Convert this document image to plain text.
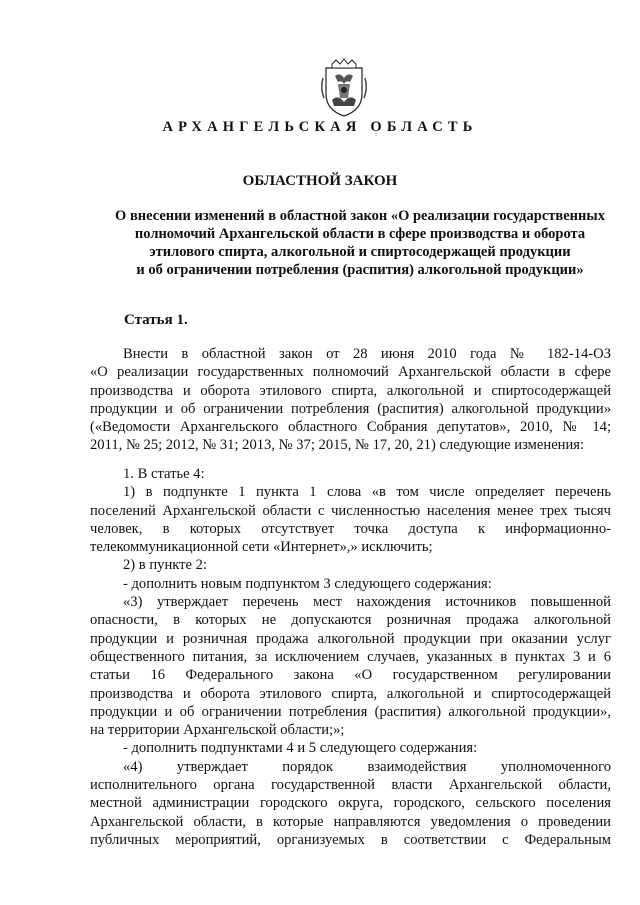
АРХАНГЕЛЬСКАЯ ОБЛАСТЬ
ОБЛАСТНОЙ ЗАКОН
О внесении изменений в областной закон «О реализации государственных
полномочий Архангельской области в сфере производства и оборота
этилового спирта, алкогольной и спиртосодержащей продукции
и об ограничении потребления (распития) алкогольной продукции»
Статья 1.

Внести в областной закон от 28 июня 2010 года № 182-14-ОЗ

«О реализации государственных полномочий Архангельской области в сфере

производства и оборота этилового спирта, алкогольной и спиртосодержащей

продукции и об ограничении потребления (распития) алкогольной продукции»

(«Ведомости Архангельского областного Собрания депутатов», 2010, № 14;

2011, № 25; 2012, № 31; 2013, № 37; 2015, № 17, 20, 21) следующие изменения:

1. В статье 4:

1) в подпункте 1 пункта 1 слова «в том числе определяет перечень

поселений Архангельской области с численностью населения менее трех тысяч

человек, в которых отсутствует точка доступа к информационно-

телекоммуникационной сети «Интернет»,» исключить;

2) в пункте 2:

- дополнить новым подпунктом 3 следующего содержания:

«3) утверждает перечень мест нахождения источников повышенной

опасности, в которых не допускаются розничная продажа алкогольной

продукции и розничная продажа алкогольной продукции при оказании услуг

общественного питания, за исключением случаев, указанных в пунктах 3 и 6

статьи 16 Федерального закона «О государственном регулировании

производства и оборота этилового спирта, алкогольной и спиртосодержащей

продукции и об ограничении потребления (распития) алкогольной продукции»,

на территории Архангельской области;»;

- дополнить подпунктами 4 и 5 следующего содержания:

«4) утверждает порядок взаимодействия уполномоченного

исполнительного органа государственной власти Архангельской области,

местной администрации городского округа, городского, сельского поселения

Архангельской области, в которые направляются уведомления о проведении

публичных мероприятий, организуемых в соответствии с Федеральным
